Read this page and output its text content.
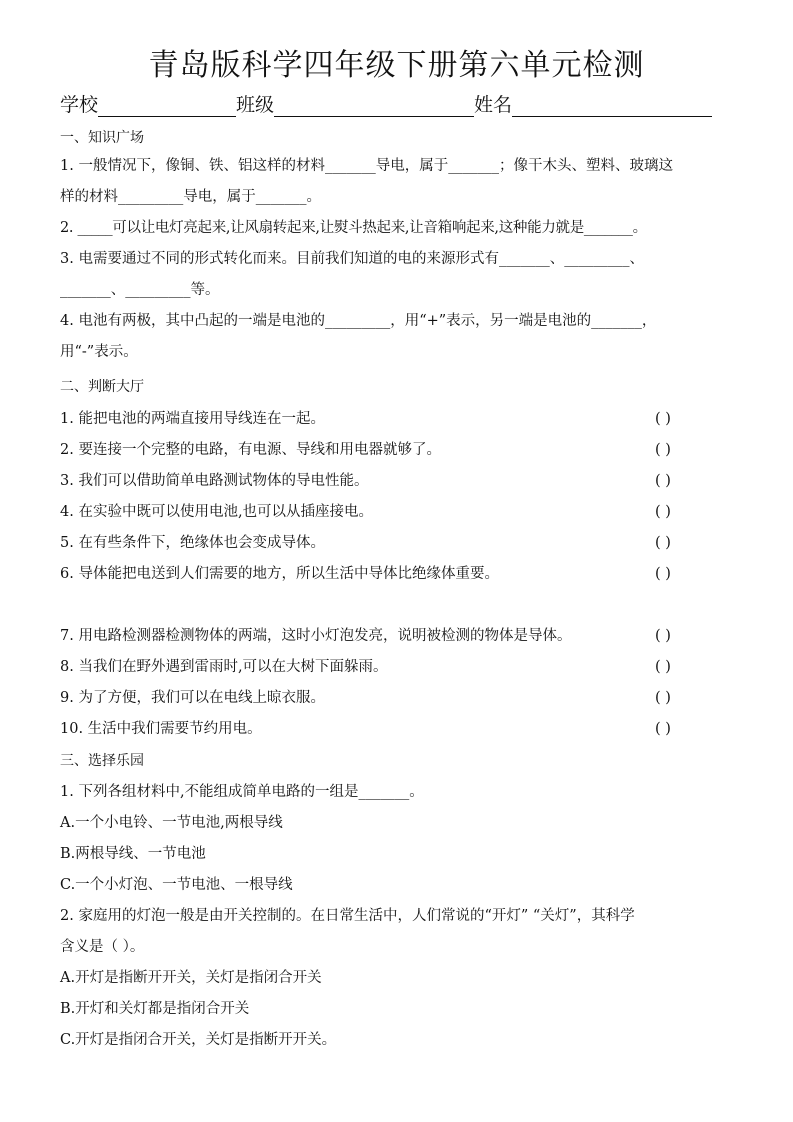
青岛版科学四年级下册第六单元检测
学校	班级	姓名
一、知识广场
1. 一般情况下，像铜、铁、铝这样的材料_______导电，属于_______；像干木头、塑料、玻璃这
样的材料_________导电，属于_______。
2. _____可以让电灯亮起来,让风扇转起来,让熨斗热起来,让音箱响起来,这种能力就是_______。
3. 电需要通过不同的形式转化而来。目前我们知道的电的来源形式有_______、_________、
_______、_________等。
4. 电池有两极，其中凸起的一端是电池的_________，用“+”表示，另一端是电池的_______，
用“-”表示。
二、判断大厅
1. 能把电池的两端直接用导线连在一起。	( )
2. 要连接一个完整的电路，有电源、导线和用电器就够了。	( )
3. 我们可以借助简单电路测试物体的导电性能。	( )
4. 在实验中既可以使用电池,也可以从插座接电。	( )
5. 在有些条件下，绝缘体也会变成导体。	( )
6. 导体能把电送到人们需要的地方，所以生活中导体比绝缘体重要。	( )
7. 用电路检测器检测物体的两端，这时小灯泡发亮，说明被检测的物体是导体。	( )
8. 当我们在野外遇到雷雨时,可以在大树下面躲雨。	( )
9. 为了方便，我们可以在电线上晾衣服。	( )
10. 生活中我们需要节约用电。	( )
三、选择乐园
1. 下列各组材料中,不能组成简单电路的一组是_______。
A.一个小电铃、一节电池,两根导线
B.两根导线、一节电池
C.一个小灯泡、一节电池、一根导线
2. 家庭用的灯泡一般是由开关控制的。在日常生活中，人们常说的“开灯” “关灯”，其科学
含义是（ ）。
A.开灯是指断开开关，关灯是指闭合开关
B.开灯和关灯都是指闭合开关
C.开灯是指闭合开关，关灯是指断开开关。
